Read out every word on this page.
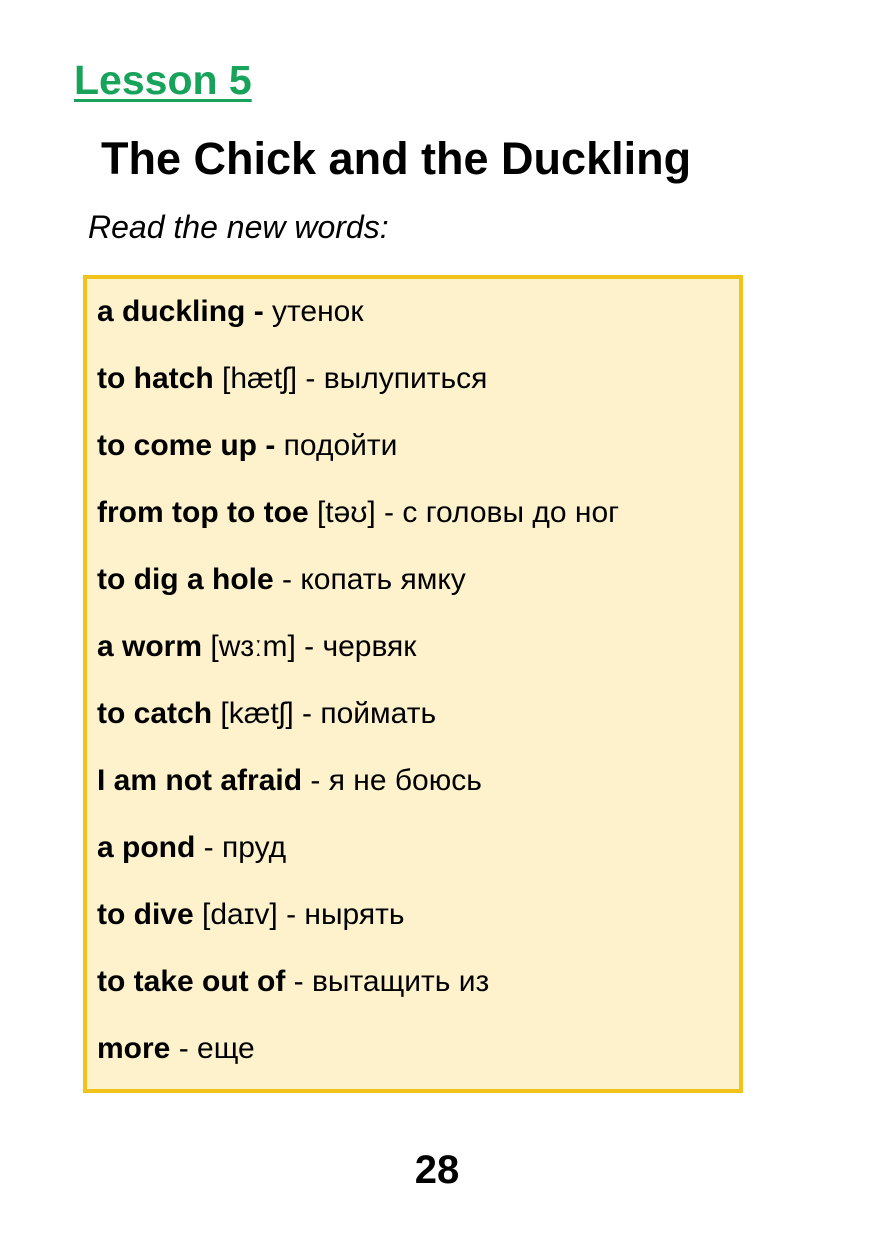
Lesson 5
The Chick and the Duckling
Read the new words:
a duckling - утенок
to hatch [hætʃ] - вылупиться
to come up - подойти
from top to toe [təʊ] - с головы до ног
to dig a hole - копать ямку
a worm [wɜːm] - червяк
to catch [kætʃ] - поймать
I am not afraid - я не боюсь
a pond - пруд
to dive [daɪv] - нырять
to take out of - вытащить из
more - еще
28
